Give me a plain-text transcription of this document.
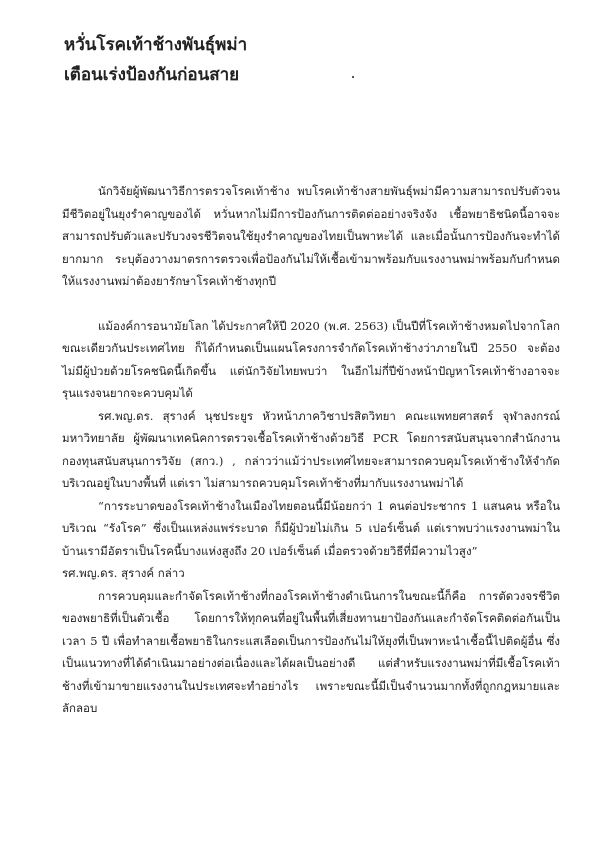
หวั่นโรคเท้าช้างพันธุ์พม่า
เตือนเร่งป้องกันก่อนสาย

นักวิจัยผู้พัฒนาวิธีการตรวจโรคเท้าช้าง พบโรคเท้าช้างสายพันธุ์พม่ามีความสามารถปรับตัวจนมีชีวิตอยู่ในยุงรำคาญของได้ หวั่นหากไม่มีการป้องกันการติดต่ออย่างจริงจัง เชื้อพยาธิชนิดนี้อาจจะสามารถปรับตัวและปรับวงจรชีวิตจนใช้ยุงรำคาญของไทยเป็นพาหะได้ และเมื่อนั้นการป้องกันจะทำได้ยากมาก ระบุต้องวางมาตรการตรวจเพื่อป้องกันไม่ให้เชื้อเข้ามาพร้อมกับแรงงานพม่าพร้อมกับกำหนดให้แรงงานพม่าต้องยารักษาโรคเท้าช้างทุกปี

แม้องค์การอนามัยโลก ได้ประกาศให้ปี 2020 (พ.ศ. 2563) เป็นปีที่โรคเท้าช้างหมดไปจากโลก ขณะเดียวกันประเทศไทย ก็ได้กำหนดเป็นแผนโครงการจำกัดโรคเท้าช้างว่าภายในปี 2550 จะต้องไม่มีผู้ป่วยด้วยโรคชนิดนี้เกิดขึ้น แต่นักวิจัยไทยพบว่า ในอีกไม่กี่ปีข้างหน้าปัญหาโรคเท้าช้างอาจจะรุนแรงจนยากจะควบคุมได้

รศ.พญ.ดร. สุรางค์ นุชประยูร หัวหน้าภาควิชาปรสิตวิทยา คณะแพทยศาสตร์ จุฬาลงกรณ์มหาวิทยาลัย ผู้พัฒนาเทคนิคการตรวจเชื้อโรคเท้าช้างด้วยวิธี PCR โดยการสนับสนุนจากสำนักงานกองทุนสนับสนุนการวิจัย (สกว.) , กล่าวว่าแม้ว่าประเทศไทยจะสามารถควบคุมโรคเท้าช้างให้จำกัดบริเวณอยู่ในบางพื้นที่ แต่เรา ไม่สามารถควบคุมโรคเท้าช้างที่มากับแรงงานพม่าได้

“การระบาดของโรคเท้าช้างในเมืองไทยตอนนี้มีน้อยกว่า 1 คนต่อประชากร 1 แสนคน หรือในบริเวณ “รังโรค” ซึ่งเป็นแหล่งแพร่ระบาด ก็มีผู้ป่วยไม่เกิน 5 เปอร์เซ็นต์ แต่เราพบว่าแรงงานพม่าในบ้านเรามีอัตราเป็นโรคนี้บางแห่งสูงถึง 20 เปอร์เซ็นต์ เมื่อตรวจด้วยวิธีที่มีความไวสูง”

รศ.พญ.ดร. สุรางค์ กล่าว

การควบคุมและกำจัดโรคเท้าช้างที่กองโรคเท้าช้างดำเนินการในขณะนี้ก็คือ การตัดวงจรชีวิตของพยาธิที่เป็นตัวเชื้อ โดยการให้ทุกคนที่อยู่ในพื้นที่เสี่ยงทานยาป้องกันและกำจัดโรคติดต่อกันเป็นเวลา 5 ปี เพื่อทำลายเชื้อพยาธิในกระแสเลือดเป็นการป้องกันไม่ให้ยุงที่เป็นพาหะนำเชื้อนี้ไปติดผู้อื่น ซึ่งเป็นแนวทางที่ได้ดำเนินมาอย่างต่อเนื่องและได้ผลเป็นอย่างดี แต่สำหรับแรงงานพม่าที่มีเชื้อโรคเท้าช้างที่เข้ามาขายแรงงานในประเทศจะทำอย่างไร เพราะขณะนี้มีเป็นจำนวนมากทั้งที่ถูกกฎหมายและลักลอบ
